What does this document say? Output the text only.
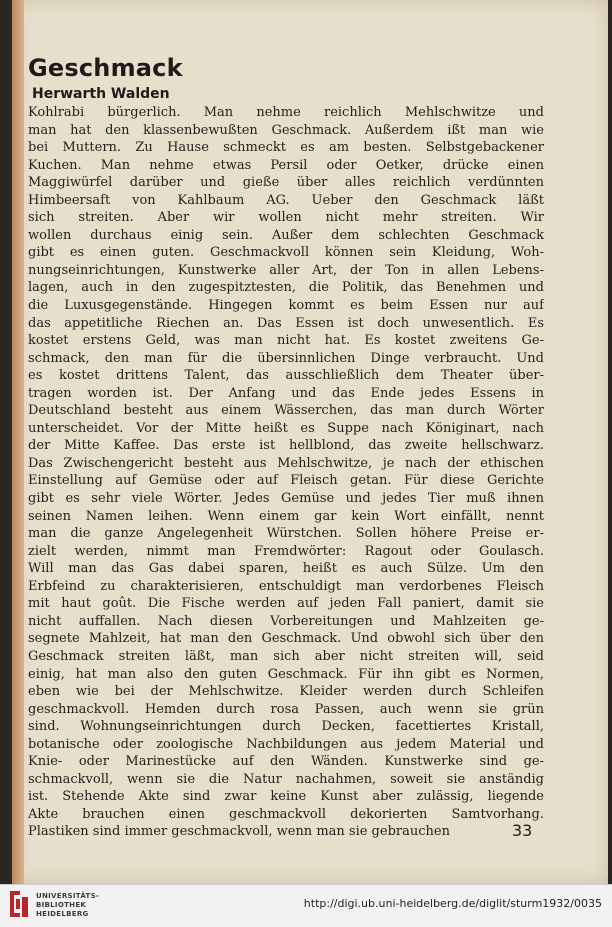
Geschmack
Herwarth Walden
Kohlrabi bürgerlich. Man nehme reichlich Mehlschwitze und
man hat den klassenbewußten Geschmack. Außerdem ißt man wie
bei Muttern. Zu Hause schmeckt es am besten. Selbstgebackener
Kuchen. Man nehme etwas Persil oder Oetker, drücke einen
Maggiwürfel darüber und gieße über alles reichlich verdünnten
Himbeersaft von Kahlbaum AG. Ueber den Geschmack läßt
sich streiten. Aber wir wollen nicht mehr streiten. Wir
wollen durchaus einig sein. Außer dem schlechten Geschmack
gibt es einen guten. Geschmackvoll können sein Kleidung, Woh-
nungseinrichtungen, Kunstwerke aller Art, der Ton in allen Lebens-
lagen, auch in den zugespitztesten, die Politik, das Benehmen und
die Luxusgegenstände. Hingegen kommt es beim Essen nur auf
das appetitliche Riechen an. Das Essen ist doch unwesentlich. Es
kostet erstens Geld, was man nicht hat. Es kostet zweitens Ge-
schmack, den man für die übersinnlichen Dinge verbraucht. Und
es kostet drittens Talent, das ausschließlich dem Theater über-
tragen worden ist. Der Anfang und das Ende jedes Essens in
Deutschland besteht aus einem Wässerchen, das man durch Wörter
unterscheidet. Vor der Mitte heißt es Suppe nach Königinart, nach
der Mitte Kaffee. Das erste ist hellblond, das zweite hellschwarz.
Das Zwischengericht besteht aus Mehlschwitze, je nach der ethischen
Einstellung auf Gemüse oder auf Fleisch getan. Für diese Gerichte
gibt es sehr viele Wörter. Jedes Gemüse und jedes Tier muß ihnen
seinen Namen leihen. Wenn einem gar kein Wort einfällt, nennt
man die ganze Angelegenheit Würstchen. Sollen höhere Preise er-
zielt werden, nimmt man Fremdwörter: Ragout oder Goulasch.
Will man das Gas dabei sparen, heißt es auch Sülze. Um den
Erbfeind zu charakterisieren, entschuldigt man verdorbenes Fleisch
mit haut goût. Die Fische werden auf jeden Fall paniert, damit sie
nicht auffallen. Nach diesen Vorbereitungen und Mahlzeiten ge-
segnete Mahlzeit, hat man den Geschmack. Und obwohl sich über den
Geschmack streiten läßt, man sich aber nicht streiten will, seid
einig, hat man also den guten Geschmack. Für ihn gibt es Normen,
eben wie bei der Mehlschwitze. Kleider werden durch Schleifen
geschmackvoll. Hemden durch rosa Passen, auch wenn sie grün
sind. Wohnungseinrichtungen durch Decken, facettiertes Kristall,
botanische oder zoologische Nachbildungen aus jedem Material und
Knie- oder Marinestücke auf den Wänden. Kunstwerke sind ge-
schmackvoll, wenn sie die Natur nachahmen, soweit sie anständig
ist. Stehende Akte sind zwar keine Kunst aber zulässig, liegende
Akte brauchen einen geschmackvoll dekorierten Samtvorhang.
Plastiken sind immer geschmackvoll, wenn man sie gebrauchen	33
UNIVERSITÄTS-
BIBLIOTHEK
HEIDELBERG
http://digi.ub.uni-heidelberg.de/diglit/sturm1932/0035
